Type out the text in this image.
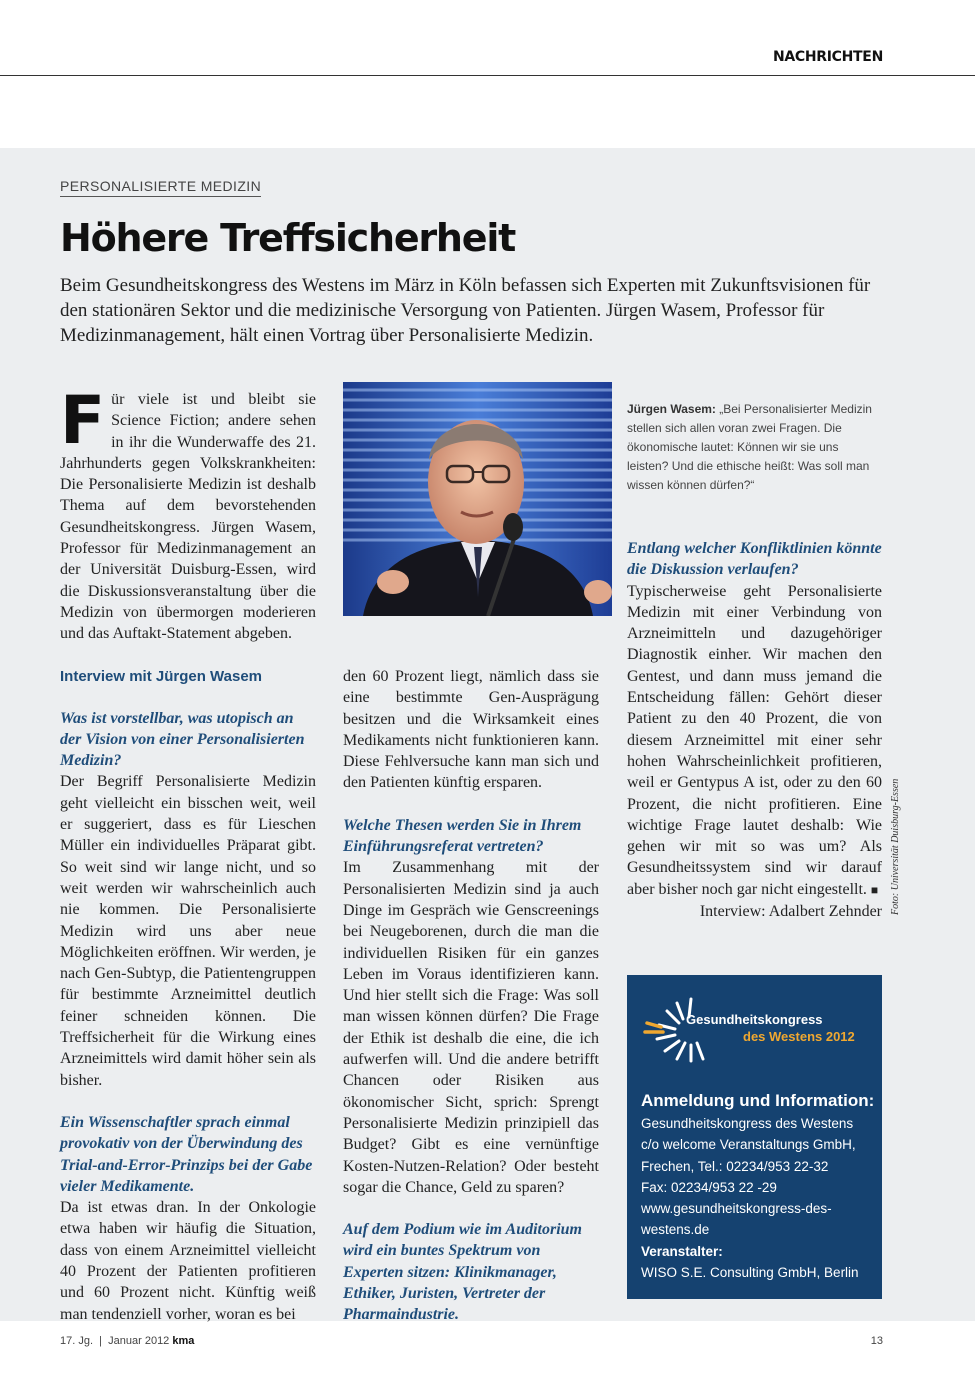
NACHRICHTEN
PERSONALISIERTE MEDIZIN
Höhere Treffsicherheit

Beim Gesundheitskongress des Westens im März in Köln befassen sich Experten mit Zukunftsvisionen für den stationären Sektor und die medizinische Versorgung von Patienten. Jürgen Wasem, Professor für Medizinmanagement, hält einen Vortrag über Personalisierte Medizin.

Für viele ist und bleibt sie Science Fiction; andere sehen in ihr die Wunderwaffe des 21. Jahrhunderts gegen Volkskrankheiten: Die Personalisierte Medizin ist deshalb Thema auf dem bevorstehenden Gesundheitskongress. Jürgen Wasem, Professor für Medizinmanagement an der Universität Duisburg-Essen, wird die Diskussionsveranstaltung über die Medizin von übermorgen moderieren und das Auftakt-Statement abgeben.

Interview mit Jürgen Wasem

Was ist vorstellbar, was utopisch an der Vision von einer Personalisierten Medizin?

Der Begriff Personalisierte Medizin geht vielleicht ein bisschen weit, weil er suggeriert, dass es für Lieschen Müller ein individuelles Präparat gibt. So weit sind wir lange nicht, und so weit werden wir wahrscheinlich auch nie kommen. Die Personalisierte Medizin wird uns aber neue Möglichkeiten eröffnen. Wir werden, je nach Gen-Subtyp, die Patientengruppen für bestimmte Arzneimittel deutlich feiner schneiden können. Die Treffsicherheit für die Wirkung eines Arzneimittels wird damit höher sein als bisher.

Ein Wissenschaftler sprach einmal provokativ von der Überwindung des Trial-and-Error-Prinzips bei der Gabe vieler Medikamente.

Da ist etwas dran. In der Onkologie etwa haben wir häufig die Situation, dass von einem Arzneimittel vielleicht 40 Prozent der Patienten profitieren und 60 Prozent nicht. Künftig weiß man tendenziell vorher, woran es bei

Jürgen Wasem: „Bei Personalisierter Medizin stellen sich allen voran zwei Fragen. Die ökonomische lautet: Können wir sie uns leisten? Und die ethische heißt: Was soll man wissen können dürfen?“

den 60 Prozent liegt, nämlich dass sie eine bestimmte Gen-Ausprägung besitzen und die Wirksamkeit eines Medikaments nicht funktionieren kann. Diese Fehlversuche kann man sich und den Patienten künftig ersparen.

Welche Thesen werden Sie in Ihrem Einführungsreferat vertreten?

Im Zusammenhang mit der Personalisierten Medizin sind ja auch Dinge im Gespräch wie Genscreenings bei Neugeborenen, durch die man die individuellen Risiken für ein ganzes Leben im Voraus identifizieren kann. Und hier stellt sich die Frage: Was soll man wissen können dürfen? Die Frage der Ethik ist deshalb die eine, die ich aufwerfen will. Und die andere betrifft Chancen oder Risiken aus ökonomischer Sicht, sprich: Sprengt Personalisierte Medizin prinzipiell das Budget? Gibt es eine vernünftige Kosten-Nutzen-Relation? Oder besteht sogar die Chance, Geld zu sparen?

Auf dem Podium wie im Auditorium wird ein buntes Spektrum von Experten sitzen: Klinikmanager, Ethiker, Juristen, Vertreter der Pharmaindustrie.

Entlang welcher Konfliktlinien könnte die Diskussion verlaufen?

Typischerweise geht Personalisierte Medizin mit einer Verbindung von Arzneimitteln und dazugehöriger Diagnostik einher. Wir machen den Gentest, und dann muss jemand die Entscheidung fällen: Gehört dieser Patient zu den 40 Prozent, die von diesem Arzneimittel mit einer sehr hohen Wahrscheinlichkeit profitieren, weil er Gentypus A ist, oder zu den 60 Prozent, die nicht profitieren. Eine wichtige Frage lautet deshalb: Wie gehen wir mit so was um? Als Gesundheitssystem sind wir darauf aber bisher noch gar nicht eingestellt. ■

Interview: Adalbert Zehnder Foto: Universität Duisburg-Essen
Gesundheitskongress
des Westens 2012
Anmeldung und Information:
Gesundheitskongress des Westens
c/o welcome Veranstaltungs GmbH,
Frechen, Tel.: 02234/953 22-32
Fax: 02234/953 22 -29
www.gesundheitskongress-des-
westens.de
Veranstalter:
WISO S.E. Consulting GmbH, Berlin
17. Jg. | Januar 2012 kma	13
